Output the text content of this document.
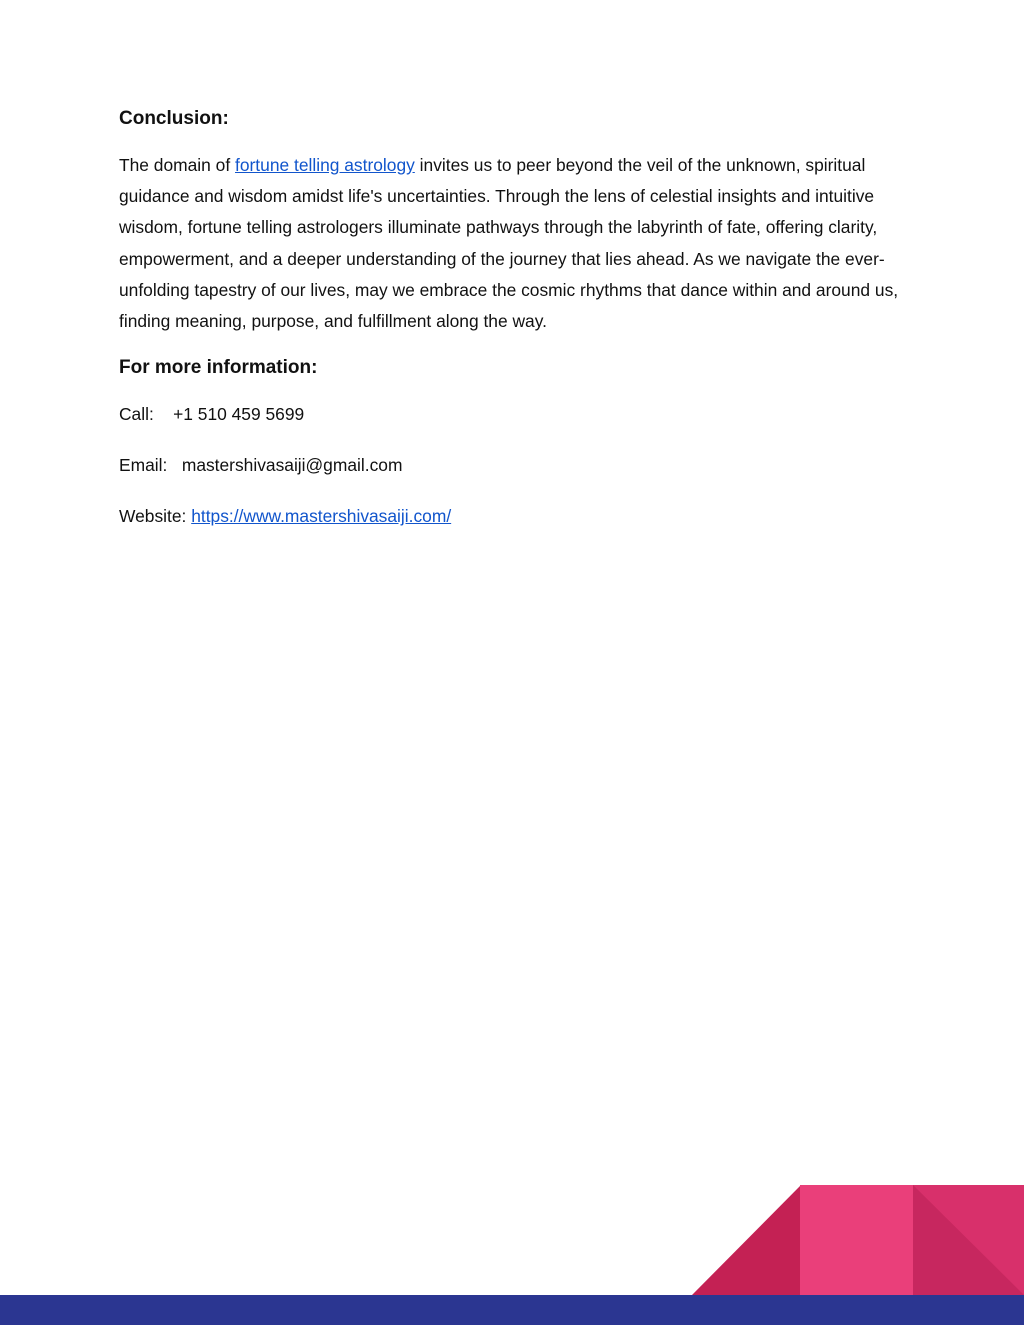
Conclusion:

The domain of fortune telling astrology invites us to peer beyond the veil of the unknown, spiritual guidance and wisdom amidst life's uncertainties. Through the lens of celestial insights and intuitive wisdom, fortune telling astrologers illuminate pathways through the labyrinth of fate, offering clarity, empowerment, and a deeper understanding of the journey that lies ahead. As we navigate the ever-unfolding tapestry of our lives, may we embrace the cosmic rhythms that dance within and around us, finding meaning, purpose, and fulfillment along the way.

For more information:

Call: +1 510 459 5699

Email: mastershivasaiji@gmail.com

Website: https://www.mastershivasaiji.com/
